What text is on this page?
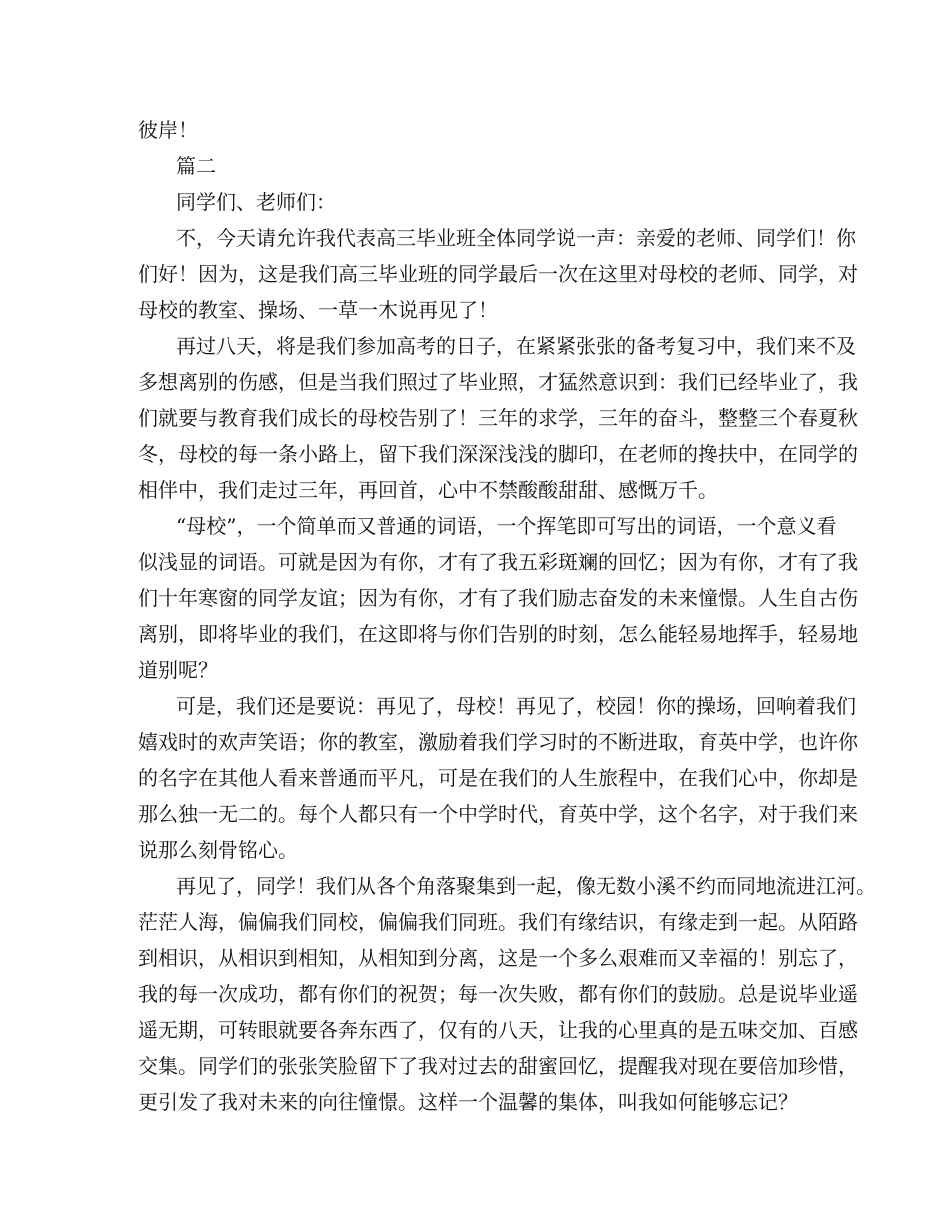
彼岸！
篇二
同学们、老师们：
不，今天请允许我代表高三毕业班全体同学说一声：亲爱的老师、同学们！你
们好！因为，这是我们高三毕业班的同学最后一次在这里对母校的老师、同学，对
母校的教室、操场、一草一木说再见了！
再过八天，将是我们参加高考的日子，在紧紧张张的备考复习中，我们来不及
多想离别的伤感，但是当我们照过了毕业照，才猛然意识到：我们已经毕业了，我
们就要与教育我们成长的母校告别了！三年的求学，三年的奋斗，整整三个春夏秋
冬，母校的每一条小路上，留下我们深深浅浅的脚印，在老师的搀扶中，在同学的
相伴中，我们走过三年，再回首，心中不禁酸酸甜甜、感慨万千。
“母校”，一个简单而又普通的词语，一个挥笔即可写出的词语，一个意义看
似浅显的词语。可就是因为有你，才有了我五彩斑斓的回忆；因为有你，才有了我
们十年寒窗的同学友谊；因为有你，才有了我们励志奋发的未来憧憬。人生自古伤
离别，即将毕业的我们，在这即将与你们告别的时刻，怎么能轻易地挥手，轻易地
道别呢？
可是，我们还是要说：再见了，母校！再见了，校园！你的操场，回响着我们
嬉戏时的欢声笑语；你的教室，激励着我们学习时的不断进取，育英中学，也许你
的名字在其他人看来普通而平凡，可是在我们的人生旅程中，在我们心中，你却是
那么独一无二的。每个人都只有一个中学时代，育英中学，这个名字，对于我们来
说那么刻骨铭心。
再见了，同学！我们从各个角落聚集到一起，像无数小溪不约而同地流进江河。
茫茫人海，偏偏我们同校，偏偏我们同班。我们有缘结识，有缘走到一起。从陌路
到相识，从相识到相知，从相知到分离，这是一个多么艰难而又幸福的！别忘了，
我的每一次成功，都有你们的祝贺；每一次失败，都有你们的鼓励。总是说毕业遥
遥无期，可转眼就要各奔东西了，仅有的八天，让我的心里真的是五味交加、百感
交集。同学们的张张笑脸留下了我对过去的甜蜜回忆，提醒我对现在要倍加珍惜，
更引发了我对未来的向往憧憬。这样一个温馨的集体，叫我如何能够忘记？
